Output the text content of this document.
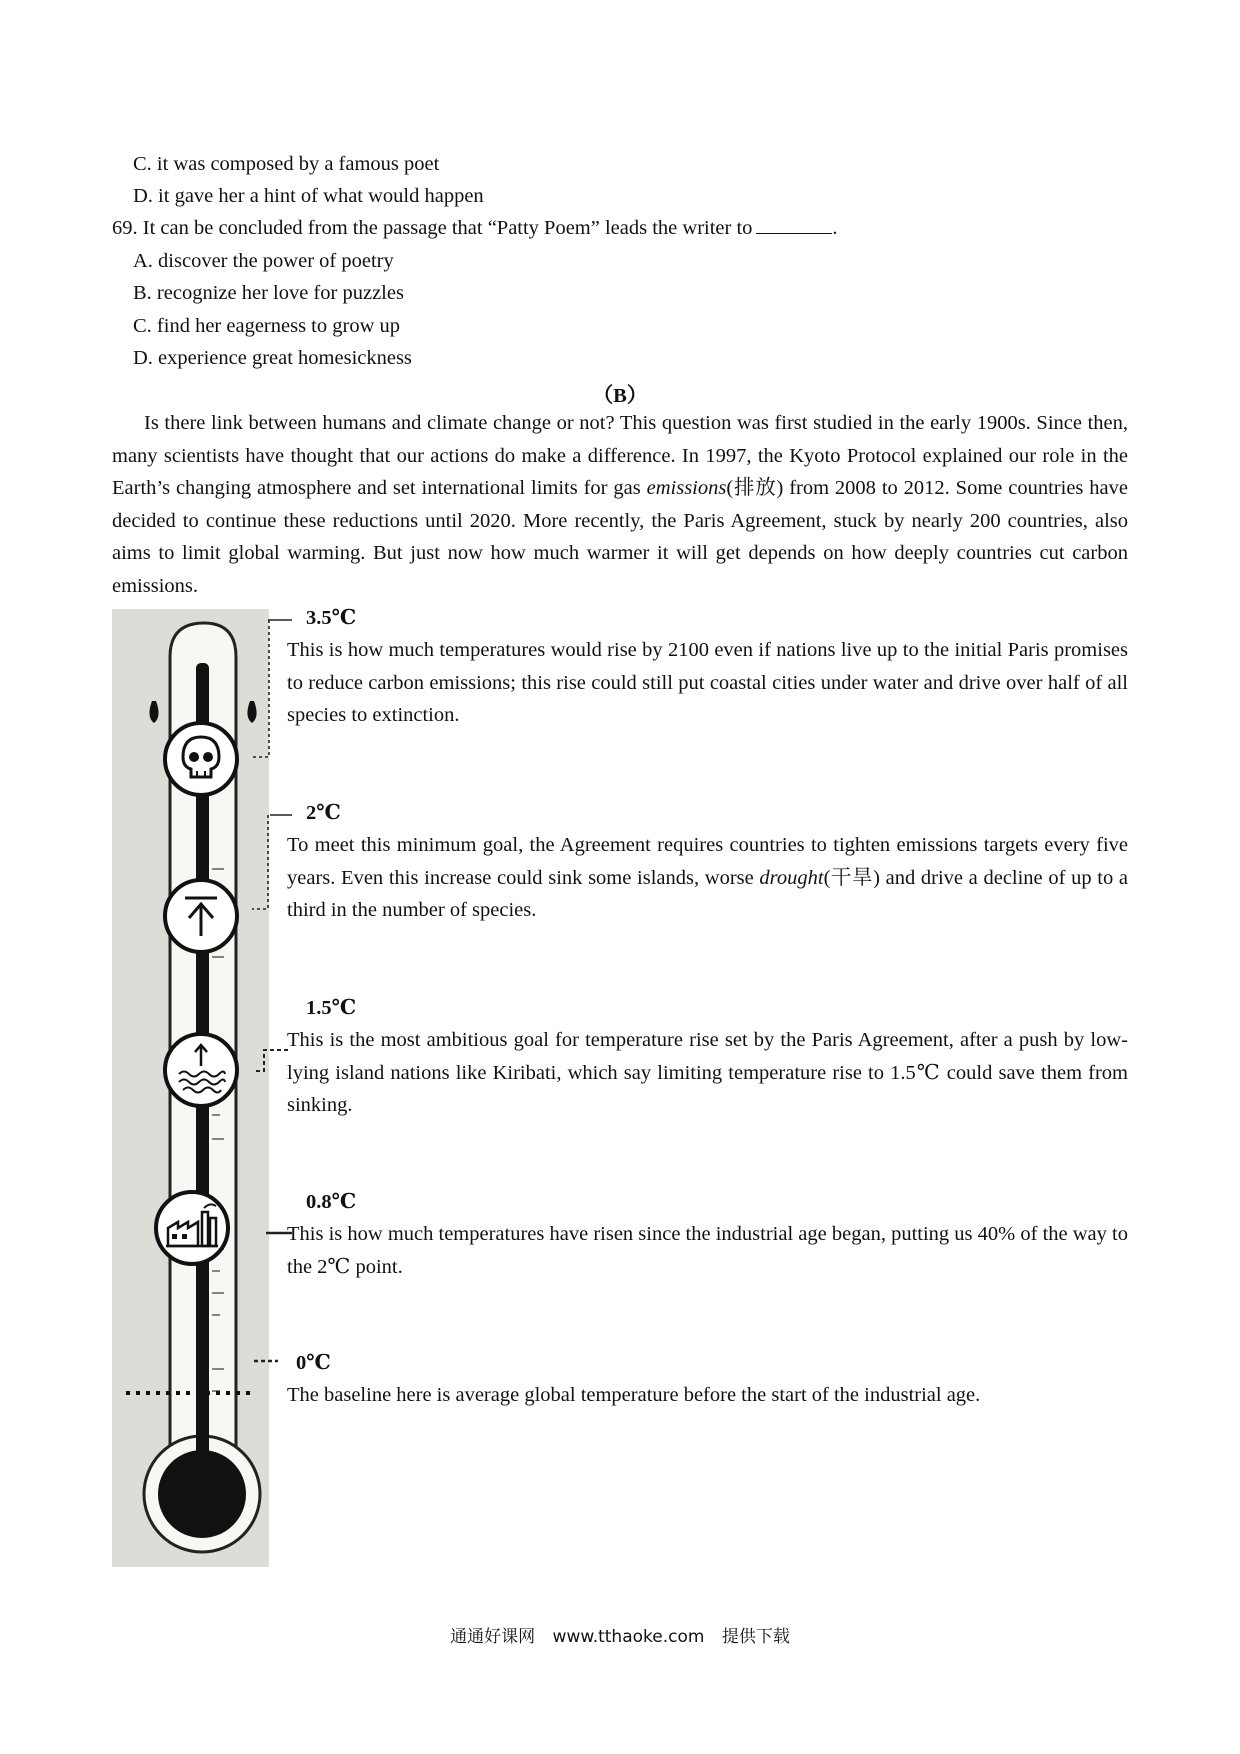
C. it was composed by a famous poet
D. it gave her a hint of what would happen
69. It can be concluded from the passage that “Patty Poem” leads the writer to	.
A. discover the power of poetry
B. recognize her love for puzzles
C. find her eagerness to grow up
D. experience great homesickness
（B）
Is there link between humans and climate change or not? This question was first studied in the early 1900s. Since then, many scientists have thought that our actions do make a difference. In 1997, the Kyoto Protocol explained our role in the Earth’s changing atmosphere and set international limits for gas emissions(排放) from 2008 to 2012. Some countries have decided to continue these reductions until 2020. More recently, the Paris Agreement, stuck by nearly 200 countries, also aims to limit global warming. But just now how much warmer it will get depends on how deeply countries cut carbon emissions.
3.5℃
This is how much temperatures would rise by 2100 even if nations live up to the initial Paris promises to reduce carbon emissions; this rise could still put coastal cities under water and drive over half of all species to extinction.
2℃
To meet this minimum goal, the Agreement requires countries to tighten emissions targets every five years. Even this increase could sink some islands, worse drought(干旱) and drive a decline of up to a third in the number of species.
1.5℃
This is the most ambitious goal for temperature rise set by the Paris Agreement, after a push by low-lying island nations like Kiribati, which say limiting temperature rise to 1.5℃ could save them from sinking.
0.8℃
This is how much temperatures have risen since the industrial age began, putting us 40% of the way to the 2℃ point.
0℃
The baseline here is average global temperature before the start of the industrial age.
通通好课网 www.tthaoke.com 提供下载
